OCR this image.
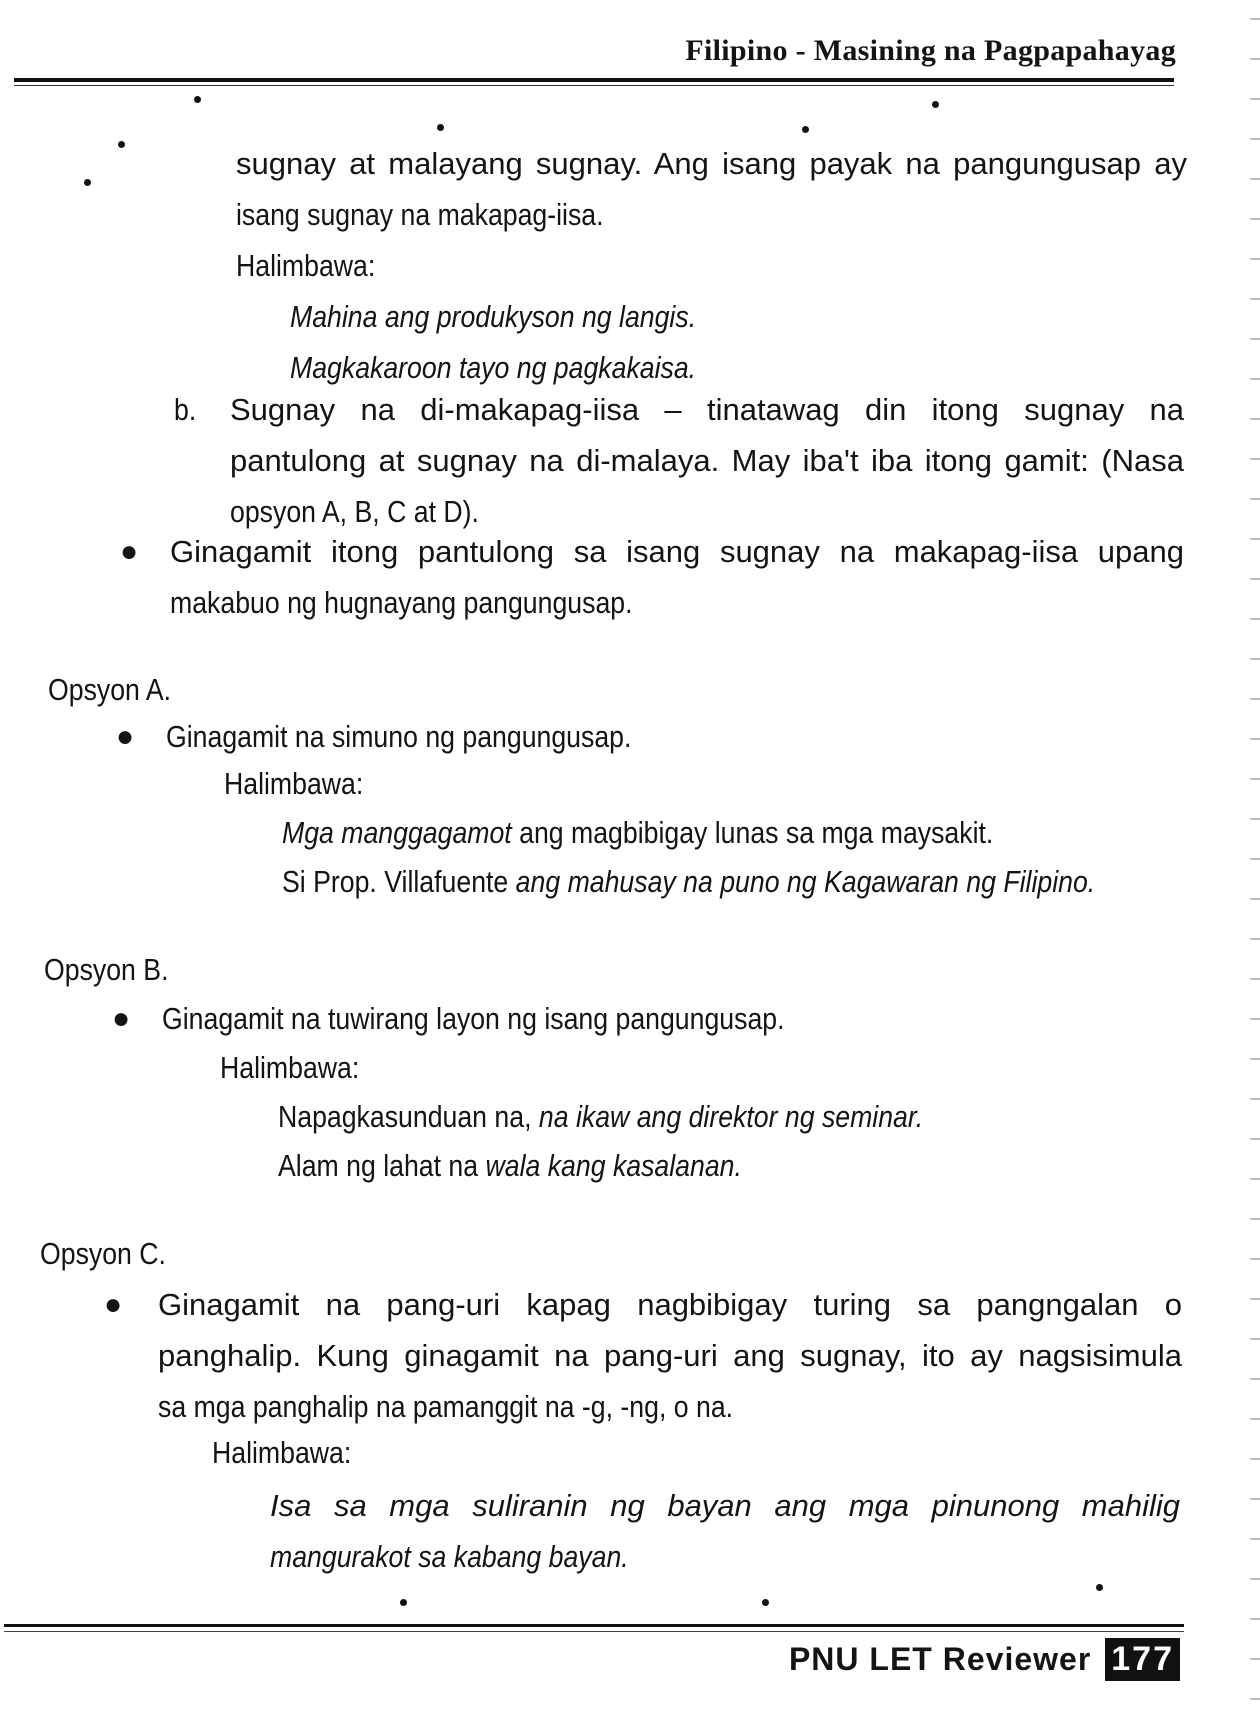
Filipino - Masining na Pagpapahayag
sugnay at malayang sugnay. Ang isang payak na pangungusap ay
isang sugnay na makapag-iisa.
Halimbawa:
Mahina ang produkyson ng langis.
Magkakaroon tayo ng pagkakaisa.
b. Sugnay na di-makapag-iisa – tinatawag din itong sugnay na
pantulong at sugnay na di-malaya. May iba't iba itong gamit: (Nasa
opsyon A, B, C at D).
● Ginagamit itong pantulong sa isang sugnay na makapag-iisa upang
makabuo ng hugnayang pangungusap.
Opsyon A.
● Ginagamit na simuno ng pangungusap.
Halimbawa:
Mga manggagamot ang magbibigay lunas sa mga maysakit.
Si Prop. Villafuente ang mahusay na puno ng Kagawaran ng Filipino.
Opsyon B.
● Ginagamit na tuwirang layon ng isang pangungusap.
Halimbawa:
Napagkasunduan na, na ikaw ang direktor ng seminar.
Alam ng lahat na wala kang kasalanan.
Opsyon C.
● Ginagamit na pang-uri kapag nagbibigay turing sa pangngalan o
panghalip. Kung ginagamit na pang-uri ang sugnay, ito ay nagsisimula
sa mga panghalip na pamanggit na -g, -ng, o na.
Halimbawa:
Isa sa mga suliranin ng bayan ang mga pinunong mahilig
mangurakot sa kabang bayan.
PNU LET Reviewer 177
